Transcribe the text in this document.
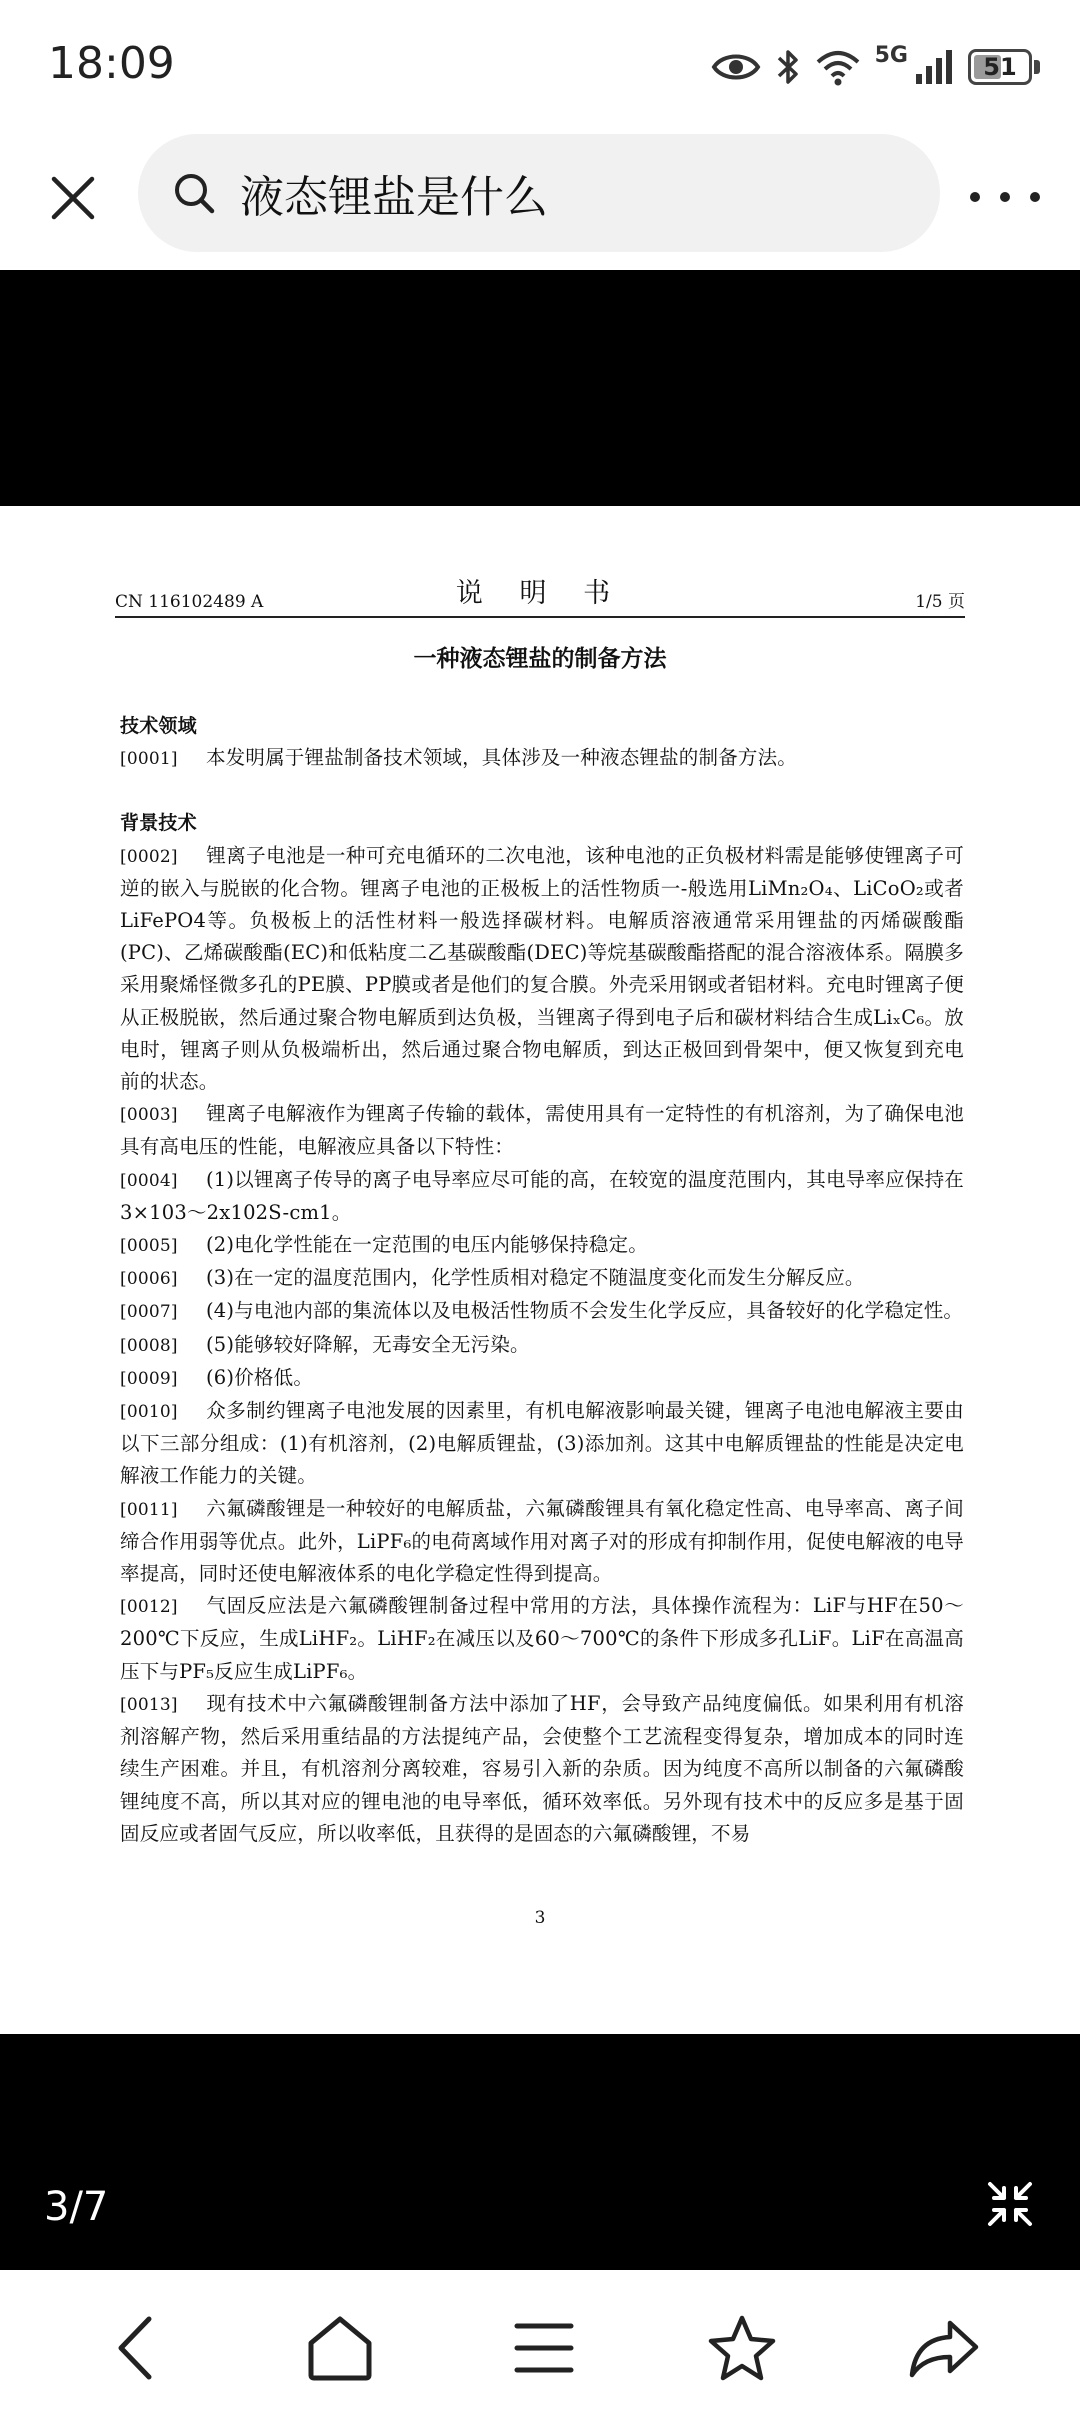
18:09	5G	51
液态锂盐是什么
CN 116102489 A	说 明 书	1/5 页
一种液态锂盐的制备方法
技术领域
[0001] 本发明属于锂盐制备技术领域，具体涉及一种液态锂盐的制备方法。
背景技术
[0002] 锂离子电池是一种可充电循环的二次电池，该种电池的正负极材料需是能够使锂离子可逆的嵌入与脱嵌的化合物。锂离子电池的正极板上的活性物质一-般选用LiMn₂O₄、LiCoO₂或者LiFePO4等。负极板上的活性材料一般选择碳材料。电解质溶液通常采用锂盐的丙烯碳酸酯(PC)、乙烯碳酸酯(EC)和低粘度二乙基碳酸酯(DEC)等烷基碳酸酯搭配的混合溶液体系。隔膜多采用聚烯怪微多孔的PE膜、PP膜或者是他们的复合膜。外壳采用钢或者铝材料。充电时锂离子便从正极脱嵌，然后通过聚合物电解质到达负极，当锂离子得到电子后和碳材料结合生成LiₓC₆。放电时，锂离子则从负极端析出，然后通过聚合物电解质，到达正极回到骨架中，便又恢复到充电前的状态。
[0003] 锂离子电解液作为锂离子传输的载体，需使用具有一定特性的有机溶剂，为了确保电池具有高电压的性能，电解液应具备以下特性：
[0004] (1)以锂离子传导的离子电导率应尽可能的高，在较宽的温度范围内，其电导率应保持在3×103～2x102S-cm1。
[0005] (2)电化学性能在一定范围的电压内能够保持稳定。
[0006] (3)在一定的温度范围内，化学性质相对稳定不随温度变化而发生分解反应。
[0007] (4)与电池内部的集流体以及电极活性物质不会发生化学反应，具备较好的化学稳定性。
[0008] (5)能够较好降解，无毒安全无污染。
[0009] (6)价格低。
[0010] 众多制约锂离子电池发展的因素里，有机电解液影响最关键，锂离子电池电解液主要由以下三部分组成：(1)有机溶剂，(2)电解质锂盐，(3)添加剂。这其中电解质锂盐的性能是决定电解液工作能力的关键。
[0011] 六氟磷酸锂是一种较好的电解质盐，六氟磷酸锂具有氧化稳定性高、电导率高、离子间缔合作用弱等优点。此外，LiPF₆的电荷离域作用对离子对的形成有抑制作用，促使电解液的电导率提高，同时还使电解液体系的电化学稳定性得到提高。
[0012] 气固反应法是六氟磷酸锂制备过程中常用的方法，具体操作流程为：LiF与HF在50～200℃下反应，生成LiHF₂。LiHF₂在减压以及60～700℃的条件下形成多孔LiF。LiF在高温高压下与PF₅反应生成LiPF₆。
[0013] 现有技术中六氟磷酸锂制备方法中添加了HF，会导致产品纯度偏低。如果利用有机溶剂溶解产物，然后采用重结晶的方法提纯产品，会使整个工艺流程变得复杂，增加成本的同时连续生产困难。并且，有机溶剂分离较难，容易引入新的杂质。因为纯度不高所以制备的六氟磷酸锂纯度不高，所以其对应的锂电池的电导率低，循环效率低。另外现有技术中的反应多是基于固固反应或者固气反应，所以收率低，且获得的是固态的六氟磷酸锂，不易
3
3/7
